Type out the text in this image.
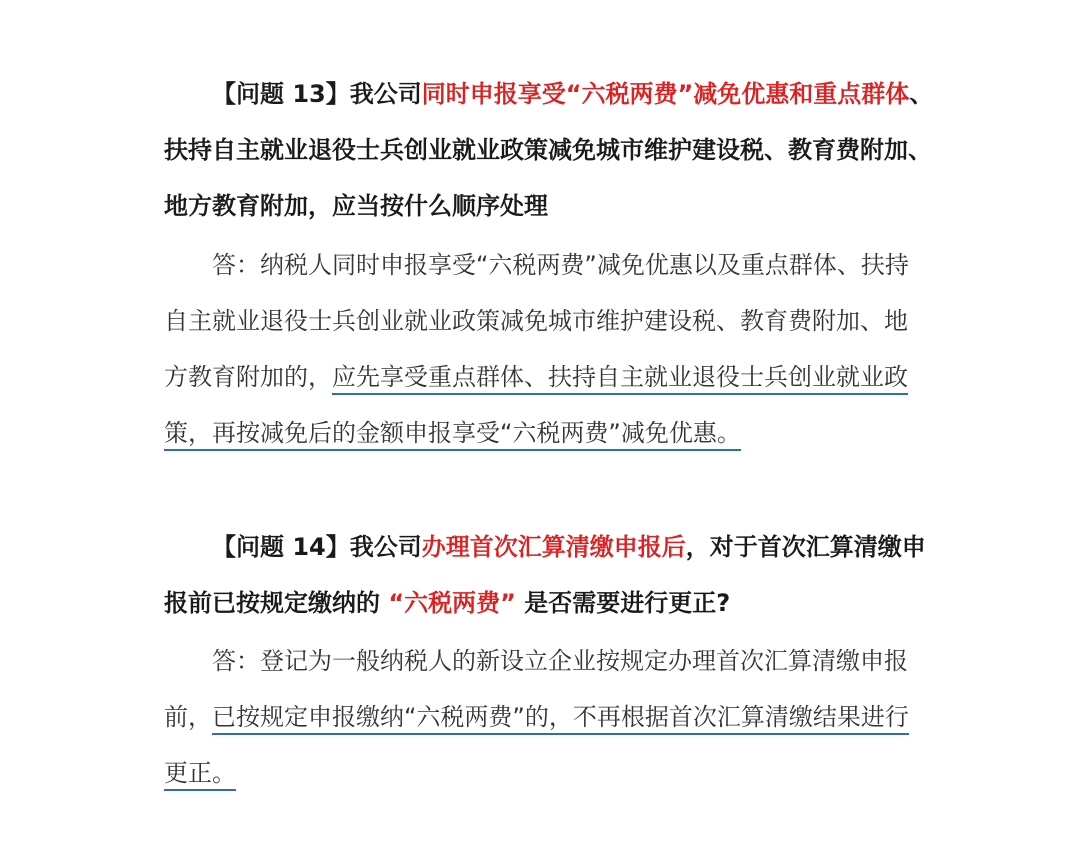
【问题 13】我公司同时申报享受“六税两费”减免优惠和重点群体、
扶持自主就业退役士兵创业就业政策减免城市维护建设税、教育费附加、
地方教育附加，应当按什么顺序处理
答：纳税人同时申报享受“六税两费”减免优惠以及重点群体、扶持
自主就业退役士兵创业就业政策减免城市维护建设税、教育费附加、地
方教育附加的，应先享受重点群体、扶持自主就业退役士兵创业就业政
策，再按减免后的金额申报享受“六税两费”减免优惠。
【问题 14】我公司办理首次汇算清缴申报后，对于首次汇算清缴申
报前已按规定缴纳的 “六税两费” 是否需要进行更正?
答：登记为一般纳税人的新设立企业按规定办理首次汇算清缴申报
前，已按规定申报缴纳“六税两费”的，不再根据首次汇算清缴结果进行
更正。
